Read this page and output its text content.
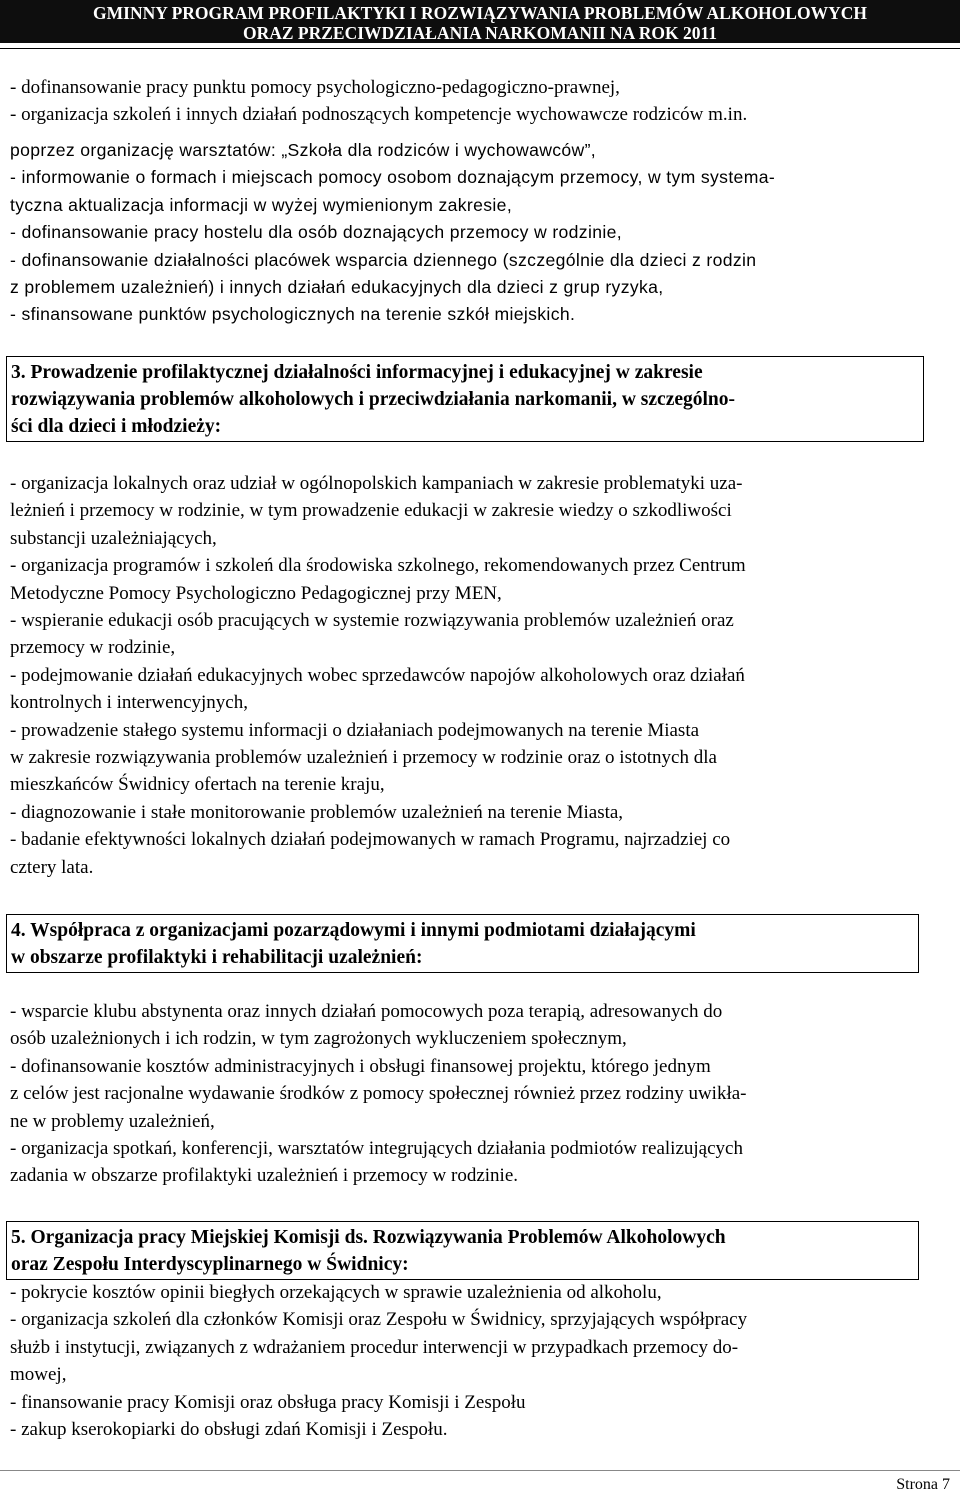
GMINNY PROGRAM PROFILAKTYKI I ROZWIĄZYWANIA PROBLEMÓW ALKOHOLOWYCH
ORAZ PRZECIWDZIAŁANIA NARKOMANII NA ROK 2011
- dofinansowanie pracy punktu pomocy psychologiczno-pedagogiczno-prawnej,
- organizacja szkoleń i innych działań podnoszących kompetencje wychowawcze rodziców m.in.
poprzez organizację warsztatów: „Szkoła dla rodziców i wychowawców”,
- informowanie o formach i miejscach pomocy osobom doznającym przemocy, w tym systema-
tyczna aktualizacja informacji w wyżej wymienionym zakresie,
- dofinansowanie pracy hostelu dla osób doznających przemocy w rodzinie,
- dofinansowanie działalności placówek wsparcia dziennego (szczególnie dla dzieci z rodzin
z problemem uzależnień) i innych działań edukacyjnych dla dzieci z grup ryzyka,
- sfinansowane punktów psychologicznych na terenie szkół miejskich.
3. Prowadzenie profilaktycznej działalności informacyjnej i edukacyjnej w zakresie
rozwiązywania problemów alkoholowych i przeciwdziałania narkomanii, w szczególno-
ści dla dzieci i młodzieży:
- organizacja lokalnych oraz udział w ogólnopolskich kampaniach w zakresie problematyki uza-
leżnień i przemocy w rodzinie, w tym prowadzenie edukacji w zakresie wiedzy o szkodliwości
substancji uzależniających,
- organizacja programów i szkoleń dla środowiska szkolnego, rekomendowanych przez Centrum
Metodyczne Pomocy Psychologiczno Pedagogicznej przy MEN,
- wspieranie edukacji osób pracujących w systemie rozwiązywania problemów uzależnień oraz
przemocy w rodzinie,
- podejmowanie działań edukacyjnych wobec sprzedawców napojów alkoholowych oraz działań
kontrolnych i interwencyjnych,
- prowadzenie stałego systemu informacji o działaniach podejmowanych na terenie Miasta
w zakresie rozwiązywania problemów uzależnień i przemocy w rodzinie oraz o istotnych dla
mieszkańców Świdnicy ofertach na terenie kraju,
- diagnozowanie i stałe monitorowanie problemów uzależnień na terenie Miasta,
- badanie efektywności lokalnych działań podejmowanych w ramach Programu, najrzadziej co
cztery lata.
4. Współpraca z organizacjami pozarządowymi i innymi podmiotami działającymi
w obszarze profilaktyki i rehabilitacji uzależnień:
- wsparcie klubu abstynenta oraz innych działań pomocowych poza terapią, adresowanych do
osób uzależnionych i ich rodzin, w tym zagrożonych wykluczeniem społecznym,
- dofinansowanie kosztów administracyjnych i obsługi finansowej projektu, którego jednym
z celów jest racjonalne wydawanie środków z pomocy społecznej również przez rodziny uwikła-
ne w problemy uzależnień,
- organizacja spotkań, konferencji, warsztatów integrujących działania podmiotów realizujących
zadania w obszarze profilaktyki uzależnień i przemocy w rodzinie.
5. Organizacja pracy Miejskiej Komisji ds. Rozwiązywania Problemów Alkoholowych
oraz Zespołu Interdyscyplinarnego w Świdnicy:
- pokrycie kosztów opinii biegłych orzekających w sprawie uzależnienia od alkoholu,
- organizacja szkoleń dla członków Komisji oraz Zespołu w Świdnicy, sprzyjających współpracy
służb i instytucji, związanych z wdrażaniem procedur interwencji w przypadkach przemocy do-
mowej,
- finansowanie pracy Komisji oraz obsługa pracy Komisji i Zespołu
- zakup kserokopiarki do obsługi zdań Komisji i Zespołu.
Strona 7
